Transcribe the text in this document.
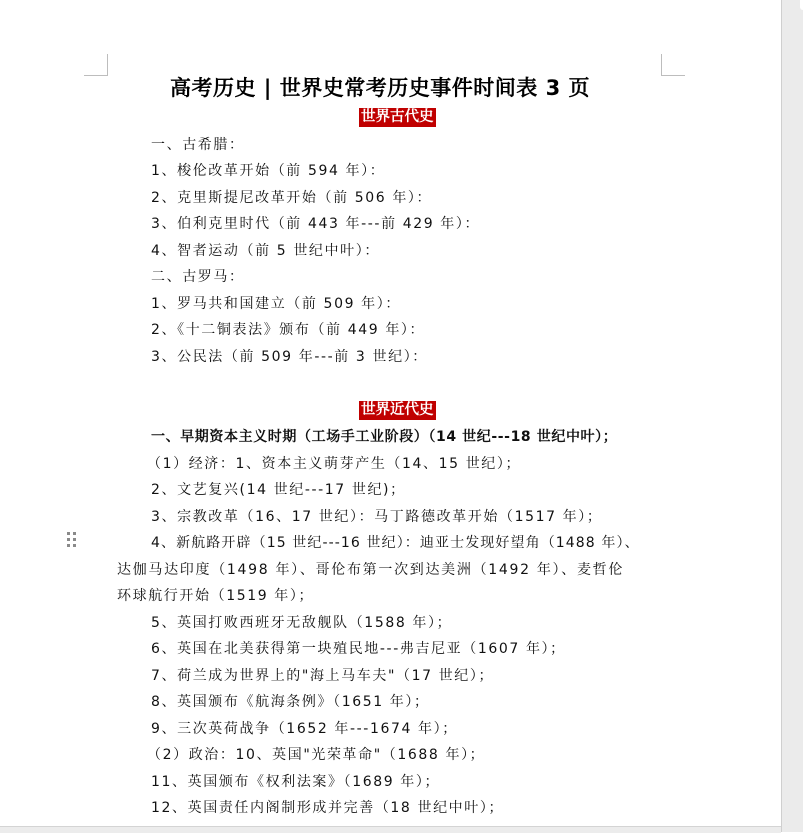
高考历史 | 世界史常考历史事件时间表 3 页
世界古代史
一、古希腊：
1、梭伦改革开始（前 594 年）：
2、克里斯提尼改革开始（前 506 年）：
3、伯利克里时代（前 443 年---前 429 年）：
4、智者运动（前 5 世纪中叶）：
二、古罗马：
1、罗马共和国建立（前 509 年）：
2、《十二铜表法》颁布（前 449 年）：
3、公民法（前 509 年---前 3 世纪）：
世界近代史
一、早期资本主义时期（工场手工业阶段）（14 世纪---18 世纪中叶）；
（1）经济：1、资本主义萌芽产生（14、15 世纪）；
2、文艺复兴(14 世纪---17 世纪)；
3、宗教改革（16、17 世纪）：马丁路德改革开始（1517 年）；
4、新航路开辟（15 世纪---16 世纪）：迪亚士发现好望角（1488 年）、
达伽马达印度（1498 年）、哥伦布第一次到达美洲（1492 年）、麦哲伦
环球航行开始（1519 年）；
5、英国打败西班牙无敌舰队（1588 年）；
6、英国在北美获得第一块殖民地---弗吉尼亚（1607 年）；
7、荷兰成为世界上的"海上马车夫"（17 世纪）；
8、英国颁布《航海条例》（1651 年）；
9、三次英荷战争（1652 年---1674 年）；
（2）政治：10、英国"光荣革命"（1688 年）；
11、英国颁布《权利法案》（1689 年）；
12、英国责任内阁制形成并完善（18 世纪中叶）；
